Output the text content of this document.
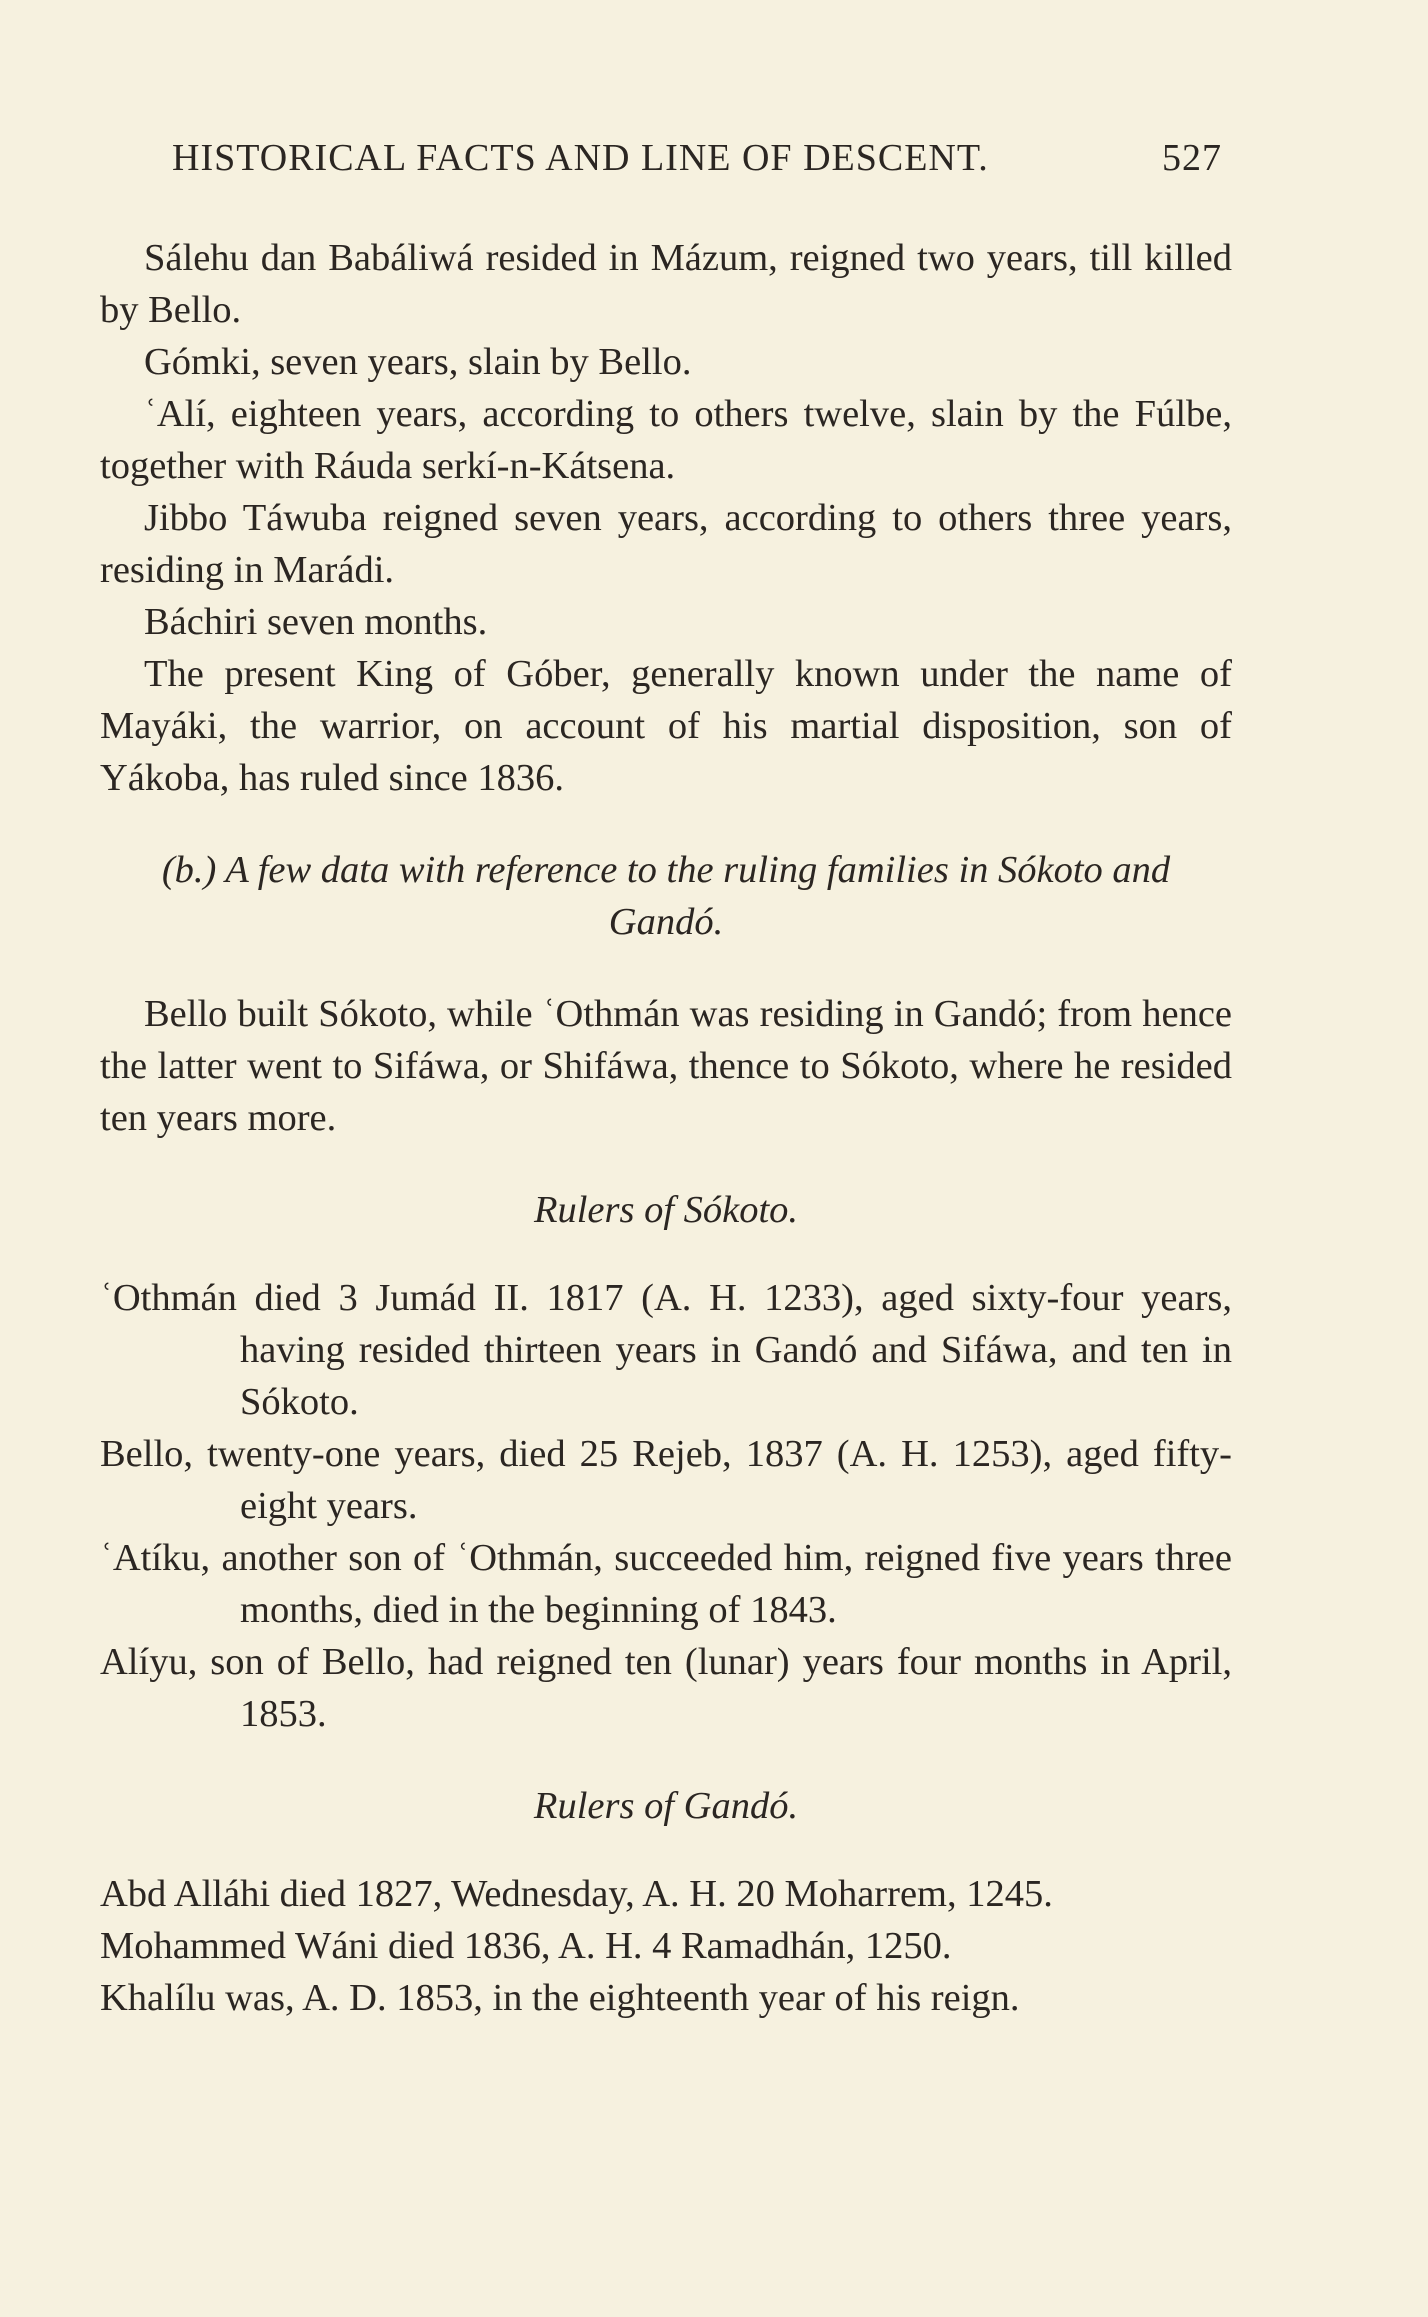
HISTORICAL FACTS AND LINE OF DESCENT.	527

Sálehu dan Babáliwá resided in Mázum, reigned two years, till killed by Bello.

Gómki, seven years, slain by Bello.

ʿAlí, eighteen years, according to others twelve, slain by the Fúlbe, together with Ráuda serkí-n-Kátsena.

Jibbo Táwuba reigned seven years, according to others three years, residing in Marádi.

Báchiri seven months.

The present King of Góber, generally known under the name of Mayáki, the warrior, on account of his martial disposition, son of Yákoba, has ruled since 1836.

(b.) A few data with reference to the ruling families in Sókoto and Gandó.

Bello built Sókoto, while ʿOthmán was residing in Gandó; from hence the latter went to Sifáwa, or Shifáwa, thence to Sókoto, where he resided ten years more.

Rulers of Sókoto.

ʿOthmán died 3 Jumád II. 1817 (A. H. 1233), aged sixty-four years, having resided thirteen years in Gandó and Sifáwa, and ten in Sókoto.

Bello, twenty-one years, died 25 Rejeb, 1837 (A. H. 1253), aged fifty-eight years.

ʿAtíku, another son of ʿOthmán, succeeded him, reigned five years three months, died in the beginning of 1843.

Alíyu, son of Bello, had reigned ten (lunar) years four months in April, 1853.

Rulers of Gandó.

Abd Alláhi died 1827, Wednesday, A. H. 20 Moharrem, 1245.

Mohammed Wáni died 1836, A. H. 4 Ramadhán, 1250.

Khalílu was, A. D. 1853, in the eighteenth year of his reign.
